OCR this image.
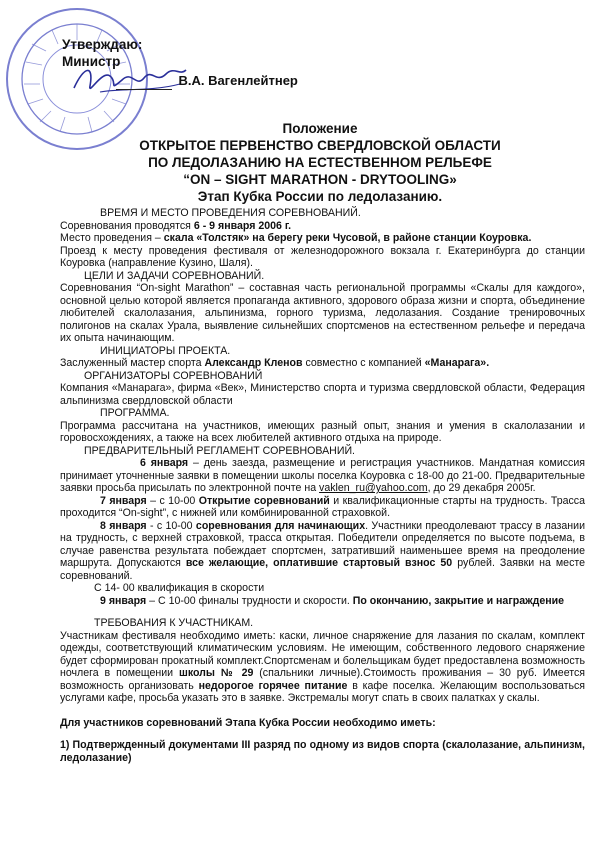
Утверждаю:
Министр
В.А. Вагенлейтнер
Положение
ОТКРЫТОЕ ПЕРВЕНСТВО СВЕРДЛОВСКОЙ ОБЛАСТИ
ПО ЛЕДОЛАЗАНИЮ НА ЕСТЕСТВЕННОМ РЕЛЬЕФЕ
“ON – SIGHT MARATHON - DRYTOOLING»
Этап Кубка России по ледолазанию.

ВРЕМЯ И МЕСТО ПРОВЕДЕНИЯ СОРЕВНОВАНИЙ.

Соревнования проводятся 6 - 9 января 2006 г.

Место проведения – скала «Толстяк» на берегу реки Чусовой, в районе станции Коуровка.

Проезд к месту проведения фестиваля от железнодорожного вокзала г. Екатеринбурга до станции Коуровка (направление Кузино, Шаля).

ЦЕЛИ И ЗАДАЧИ СОРЕВНОВАНИЙ.

Соревнования “On-sight Marathon” – составная часть региональной программы «Скалы для каждого», основной целью которой является пропаганда активного, здорового образа жизни и спорта, объединение любителей скалолазания, альпинизма, горного туризма, ледолазания. Создание тренировочных полигонов на скалах Урала, выявление сильнейших спортсменов на естественном рельефе и передача их опыта начинающим.

ИНИЦИАТОРЫ ПРОЕКТА.

Заслуженный мастер спорта Александр Кленов совместно с компанией «Манарага».

ОРГАНИЗАТОРЫ СОРЕВНОВАНИЙ

Компания «Манарага», фирма «Век», Министерство спорта и туризма свердловской области, Федерация альпинизма свердловской области

ПРОГРАММА.

Программа рассчитана на участников, имеющих разный опыт, знания и умения в скалолазании и горовосхождениях, а также на всех любителей активного отдыха на природе.

ПРЕДВАРИТЕЛЬНЫЙ РЕГЛАМЕНТ СОРЕВНОВАНИЙ.

6 января – день заезда, размещение и регистрация участников. Мандатная комиссия принимает уточненные заявки в помещении школы поселка Коуровка с 18-00 до 21-00. Предварительные заявки просьба присылать по электронной почте на vaklen_ru@yahoo.com, до 29 декабря 2005г.

7 января – с 10-00 Открытие соревнований и квалификационные старты на трудность. Трасса проходится “On-sight”, с нижней или комбинированной страховкой.

8 января - с 10-00 соревнования для начинающих. Участники преодолевают трассу в лазании на трудность, с верхней страховкой, трасса открытая. Победители определяется по высоте подъема, в случае равенства результата побеждает спортсмен, затративший наименьшее время на преодоление маршрута. Допускаются все желающие, оплатившие стартовый взнос 50 рублей. Заявки на месте соревнований.

С 14- 00 квалификация в скорости

9 января – С 10-00 финалы трудности и скорости. По окончанию, закрытие и награждение

ТРЕБОВАНИЯ К УЧАСТНИКАМ.

Участникам фестиваля необходимо иметь: каски, личное снаряжение для лазания по скалам, комплект одежды, соответствующий климатическим условиям. Не имеющим, собственного ледового снаряжение будет сформирован прокатный комплект.Спортсменам и болельщикам будет предоставлена возможность ночлега в помещении школы № 29 (спальники личные).Стоимость проживания – 30 руб. Имеется возможность организовать недорогое горячее питание в кафе поселка. Желающим воспользоваться услугами кафе, просьба указать это в заявке. Экстремалы могут спать в своих палатках у скалы.

Для участников соревнований Этапа Кубка России необходимо иметь:

1) Подтвержденный документами III разряд по одному из видов спорта (скалолазание, альпинизм, ледолазание)
